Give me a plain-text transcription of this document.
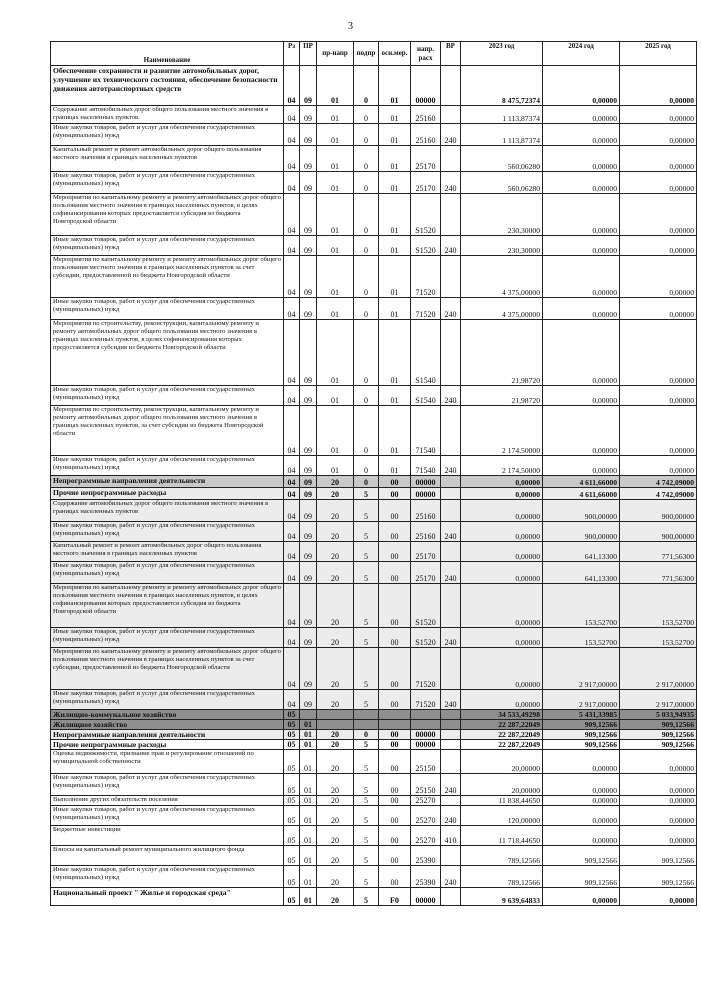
3
Наименование	Рз	ПР	пр-напр	подпр	осн.мер.	напр. расх	ВР	2023 год	2024 год	2025 год
Обеспечение сохранности и развитие автомобильных дорог, улучшение их технического состояния, обеспечение безопасности движения автотранспортных средств	04	09	01	0	01	00000		8 475,72374	0,00000	0,00000
Содержание автомобильных дорог общего пользования местного значения в границах населенных пунктов.	04	09	01	0	01	25160		1 113,87374	0,00000	0,00000
Иные закупки товаров, работ и услуг для обеспечения государственных (муниципальных) нужд	04	09	01	0	01	25160	240	1 113,87374	0,00000	0,00000
Капитальный ремонт и ремонт автомобильных дорог общего пользования местного значения в границах населенных пунктов	04	09	01	0	01	25170		560,06280	0,00000	0,00000
Иные закупки товаров, работ и услуг для обеспечения государственных (муниципальных) нужд	04	09	01	0	01	25170	240	560,06280	0,00000	0,00000
Мероприятия по капитальному ремонту и ремонту автомобильных дорог общего пользования местного значения в границах населенных пунктов, в целях софинансирования которых предоставляется субсидия из бюджета Новгородской области	04	09	01	0	01	S1520		230,30000	0,00000	0,00000
Иные закупки товаров, работ и услуг для обеспечения государственных (муниципальных) нужд	04	09	01	0	01	S1520	240	230,30000	0,00000	0,00000
Мероприятия по капитальному ремонту и ремонту автомобильных дорог общего пользования местного значения в границах населенных пунктов за счет субсидии, предоставленной из бюджета Новгородской области	04	09	01	0	01	71520		4 375,00000	0,00000	0,00000
Иные закупки товаров, работ и услуг для обеспечения государственных (муниципальных) нужд	04	09	01	0	01	71520	240	4 375,00000	0,00000	0,00000
Мероприятия по строительству, реконструкции, капитальному ремонту и ремонту автомобильных дорог общего пользования местного значения в границах населенных пунктов, в целях софинансирования которых предоставляется субсидия из бюджета Новгородской области	04	09	01	0	01	S1540		21,98720	0,00000	0,00000
Иные закупки товаров, работ и услуг для обеспечения государственных (муниципальных) нужд	04	09	01	0	01	S1540	240	21,98720	0,00000	0,00000
Мероприятия по строительству, реконструкции, капитальному ремонту и ремонту автомобильных дорог общего пользования местного значения в границах населенных пунктов, за счет субсидии из бюджета Новгородской области	04	09	01	0	01	71540		2 174,50000	0,00000	0,00000
Иные закупки товаров, работ и услуг для обеспечения государственных (муниципальных) нужд	04	09	01	0	01	71540	240	2 174,50000	0,00000	0,00000
Непрограммные направления деятельности	04	09	20	0	00	00000		0,00000	4 611,66000	4 742,09000
Прочие непрограммные расходы	04	09	20	5	00	00000		0,00000	4 611,66000	4 742,09000
Содержание автомобильных дорог общего пользования местного значения в границах населенных пунктов	04	09	20	5	00	25160		0,00000	900,00000	900,00000
Иные закупки товаров, работ и услуг для обеспечения государственных (муниципальных) нужд	04	09	20	5	00	25160	240	0,00000	900,00000	900,00000
Капитальный ремонт и ремонт автомобильных дорог общего пользования местного значения в границах населенных пунктов	04	09	20	5	00	25170		0,00000	641,13300	771,56300
Иные закупки товаров, работ и услуг для обеспечения государственных (муниципальных) нужд	04	09	20	5	00	25170	240	0,00000	641,13300	771,56300
Мероприятия по капитальному ремонту и ремонту автомобильных дорог общего пользования местного значения в границах населенных пунктов, в целях софинансирования которых предоставляется субсидия из бюджета Новгородской области	04	09	20	5	00	S1520		0,00000	153,52700	153,52700
Иные закупки товаров, работ и услуг для обеспечения государственных (муниципальных) нужд	04	09	20	5	00	S1520	240	0,00000	153,52700	153,52700
Мероприятия по капитальному ремонту и ремонту автомобильных дорог общего пользования местного значения в границах населенных пунктов за счет субсидии, предоставленной из бюджета Новгородской области	04	09	20	5	00	71520		0,00000	2 917,00000	2 917,00000
Иные закупки товаров, работ и услуг для обеспечения государственных (муниципальных) нужд	04	09	20	5	00	71520	240	0,00000	2 917,00000	2 917,00000
Жилищно-коммунальное хозяйство	05							34 533,49298	5 431,33985	5 033,94935
Жилищное хозяйство	05	01						22 287,22049	909,12566	909,12566
Непрограммные направления деятельности	05	01	20	0	00	00000		22 287,22049	909,12566	909,12566
Прочие непрограммные расходы	05	01	20	5	00	00000		22 287,22049	909,12566	909,12566
Оценка недвижимости, признание прав и регулирование отношений по муниципальной собственности	05	01	20	5	00	25150		20,00000	0,00000	0,00000
Иные закупки товаров, работ и услуг для обеспечения государственных (муниципальных) нужд	05	01	20	5	00	25150	240	20,00000	0,00000	0,00000
Выполнение других обязательств поселения	05	01	20	5	00	25270		11 838,44650	0,00000	0,00000
Иные закупки товаров, работ и услуг для обеспечения государственных (муниципальных) нужд	05	01	20	5	00	25270	240	120,00000	0,00000	0,00000
Бюджетные инвестиции	05	01	20	5	00	25270	410	11 718,44650	0,00000	0,00000
Взносы на капитальный ремонт муниципального жилищного фонда	05	01	20	5	00	25390		789,12566	909,12566	909,12566
Иные закупки товаров, работ и услуг для обеспечения государственных (муниципальных) нужд	05	01	20	5	00	25390	240	789,12566	909,12566	909,12566
Национальный проект " Жилье и городская среда"	05	01	20	5	F0	00000		9 639,64833	0,00000	0,00000
